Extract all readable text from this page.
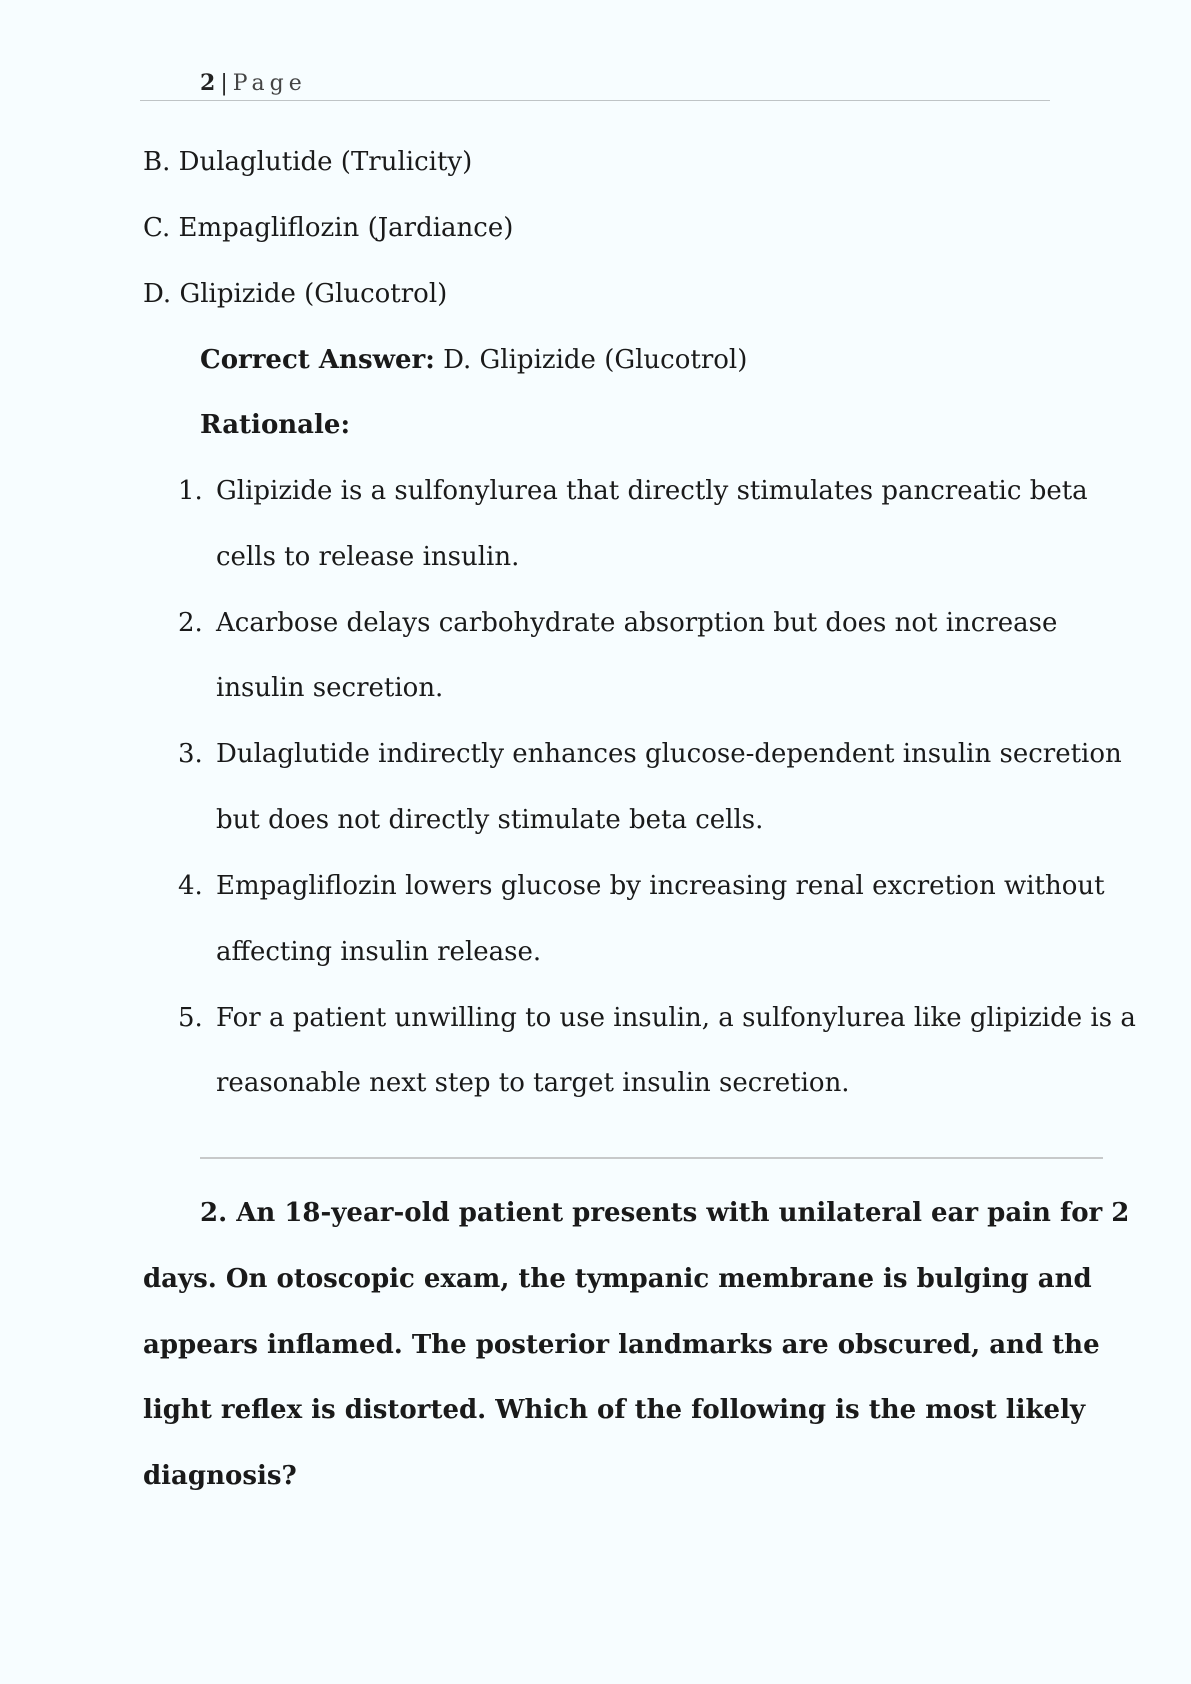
2 | Page
B. Dulaglutide (Trulicity)
C. Empagliflozin (Jardiance)
D. Glipizide (Glucotrol)
Correct Answer: D. Glipizide (Glucotrol)
Rationale:
1. Glipizide is a sulfonylurea that directly stimulates pancreatic beta
cells to release insulin.
2. Acarbose delays carbohydrate absorption but does not increase
insulin secretion.
3. Dulaglutide indirectly enhances glucose-dependent insulin secretion
but does not directly stimulate beta cells.
4. Empagliflozin lowers glucose by increasing renal excretion without
affecting insulin release.
5. For a patient unwilling to use insulin, a sulfonylurea like glipizide is a
reasonable next step to target insulin secretion.
2. An 18-year-old patient presents with unilateral ear pain for 2
days. On otoscopic exam, the tympanic membrane is bulging and
appears inflamed. The posterior landmarks are obscured, and the
light reflex is distorted. Which of the following is the most likely
diagnosis?
